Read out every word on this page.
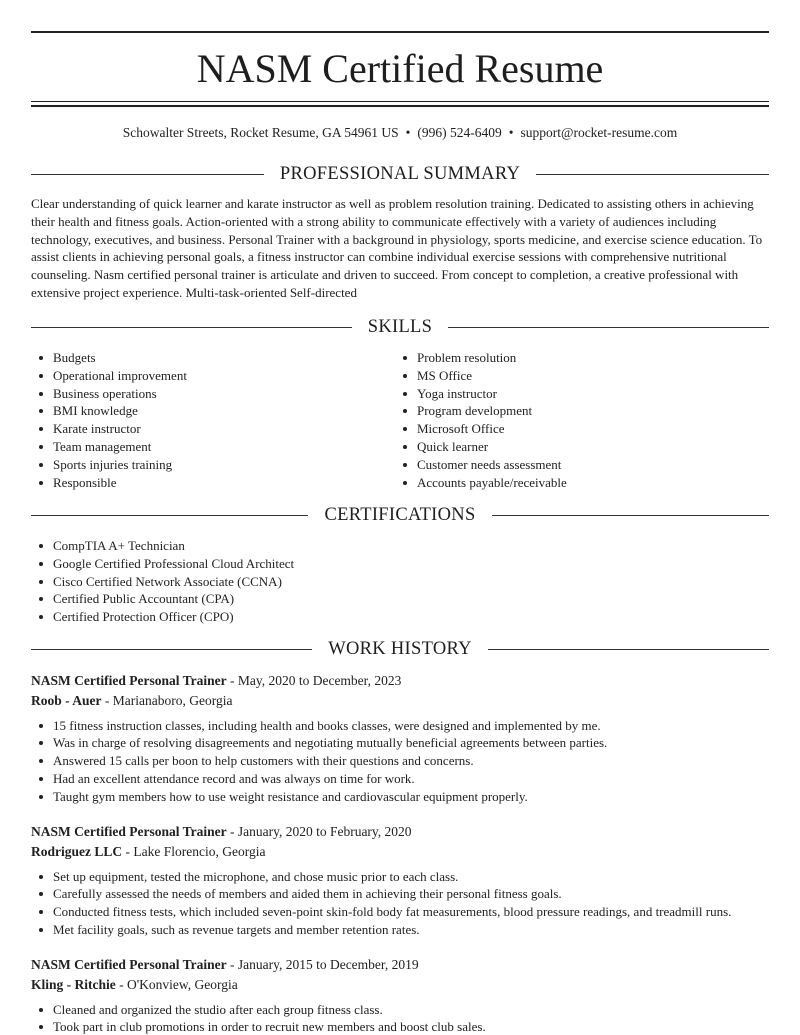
NASM Certified Resume
Schowalter Streets, Rocket Resume, GA 54961 US • (996) 524-6409 • support@rocket-resume.com
PROFESSIONAL SUMMARY

Clear understanding of quick learner and karate instructor as well as problem resolution training. Dedicated to assisting others in achieving their health and fitness goals. Action-oriented with a strong ability to communicate effectively with a variety of audiences including technology, executives, and business. Personal Trainer with a background in physiology, sports medicine, and exercise science education. To assist clients in achieving personal goals, a fitness instructor can combine individual exercise sessions with comprehensive nutritional counseling. Nasm certified personal trainer is articulate and driven to succeed. From concept to completion, a creative professional with extensive project experience. Multi-task-oriented Self-directed

SKILLS
Budgets
Operational improvement
Business operations
BMI knowledge
Karate instructor
Team management
Sports injuries training
Responsible
Problem resolution
MS Office
Yoga instructor
Program development
Microsoft Office
Quick learner
Customer needs assessment
Accounts payable/receivable
CERTIFICATIONS
CompTIA A+ Technician
Google Certified Professional Cloud Architect
Cisco Certified Network Associate (CCNA)
Certified Public Accountant (CPA)
Certified Protection Officer (CPO)
WORK HISTORY
NASM Certified Personal Trainer - May, 2020 to December, 2023
Roob - Auer - Marianaboro, Georgia
15 fitness instruction classes, including health and books classes, were designed and implemented by me.
Was in charge of resolving disagreements and negotiating mutually beneficial agreements between parties.
Answered 15 calls per boon to help customers with their questions and concerns.
Had an excellent attendance record and was always on time for work.
Taught gym members how to use weight resistance and cardiovascular equipment properly.
NASM Certified Personal Trainer - January, 2020 to February, 2020
Rodriguez LLC - Lake Florencio, Georgia
Set up equipment, tested the microphone, and chose music prior to each class.
Carefully assessed the needs of members and aided them in achieving their personal fitness goals.
Conducted fitness tests, which included seven-point skin-fold body fat measurements, blood pressure readings, and treadmill runs.
Met facility goals, such as revenue targets and member retention rates.
NASM Certified Personal Trainer - January, 2015 to December, 2019
Kling - Ritchie - O'Konview, Georgia
Cleaned and organized the studio after each group fitness class.
Took part in club promotions in order to recruit new members and boost club sales.
